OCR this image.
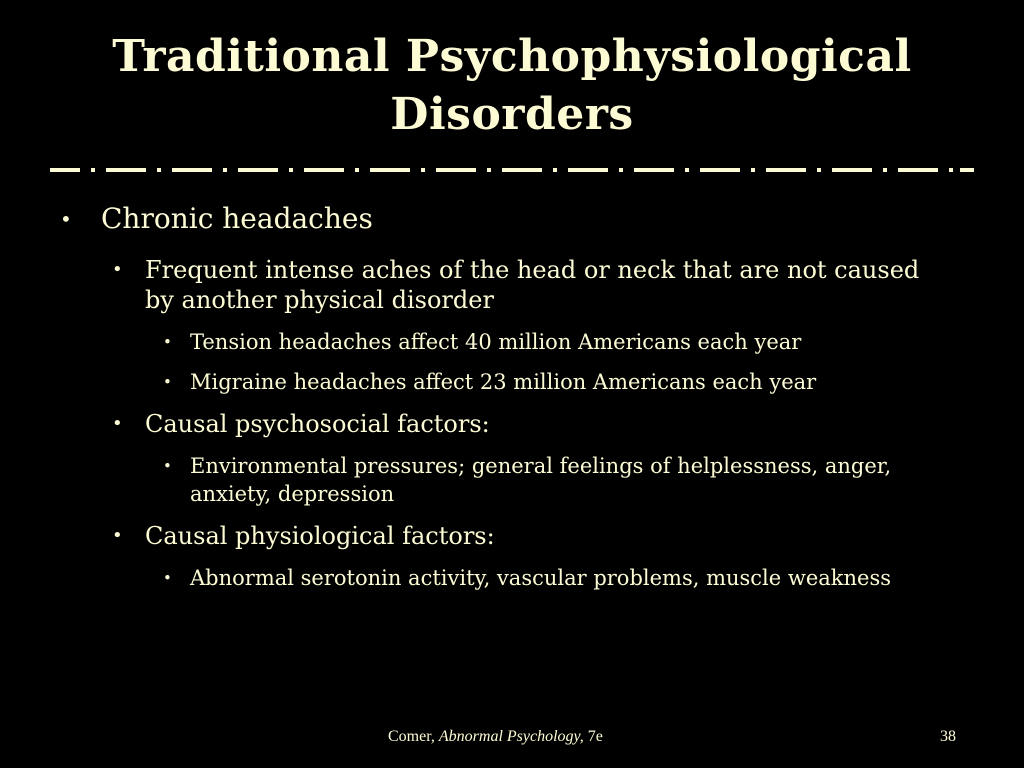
Traditional Psychophysiological
Disorders
• Chronic headaches
• Frequent intense aches of the head or neck that are not caused by another physical disorder
• Tension headaches affect 40 million Americans each year
• Migraine headaches affect 23 million Americans each year
• Causal psychosocial factors:
• Environmental pressures; general feelings of helplessness, anger, anxiety, depression
• Causal physiological factors:
• Abnormal serotonin activity, vascular problems, muscle weakness
Comer, Abnormal Psychology, 7e	38
